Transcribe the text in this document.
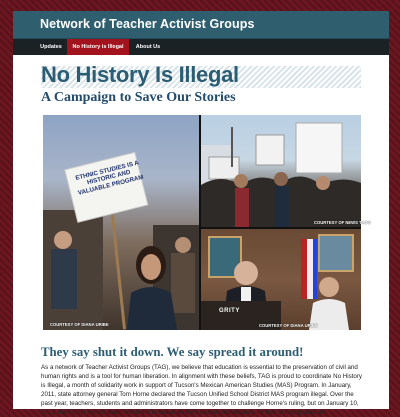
Network of Teacher Activist Groups
Updates	No History is Illegal	About Us
No History Is Illegal
A Campaign to Save Our Stories
ETHNIC STUDIES IS A HISTORIC AND VALUABLE PROGRAM
COURTESY OF DIANA URIBE
COURTESY OF NEWS TACO
GRITY
COURTESY OF DIANA URIBE
They say shut it down. We say spread it around!

As a network of Teacher Activist Groups (TAG), we believe that education is essential to the preservation of civil and human rights and is a tool for human liberation. In alignment with these beliefs, TAG is proud to coordinate No History is Illegal, a month of solidarity work in support of Tucson's Mexican American Studies (MAS) Program. In January, 2011, state attorney general Tom Horne declared the Tucson Unified School District MAS program illegal. Over the past year, teachers, students and administrators have come together to challenge Horne's ruling, but on January 10, 2012, the TUSD school board voted 4-1 to cease all MAS classes immediately for fear of losing state aid.
